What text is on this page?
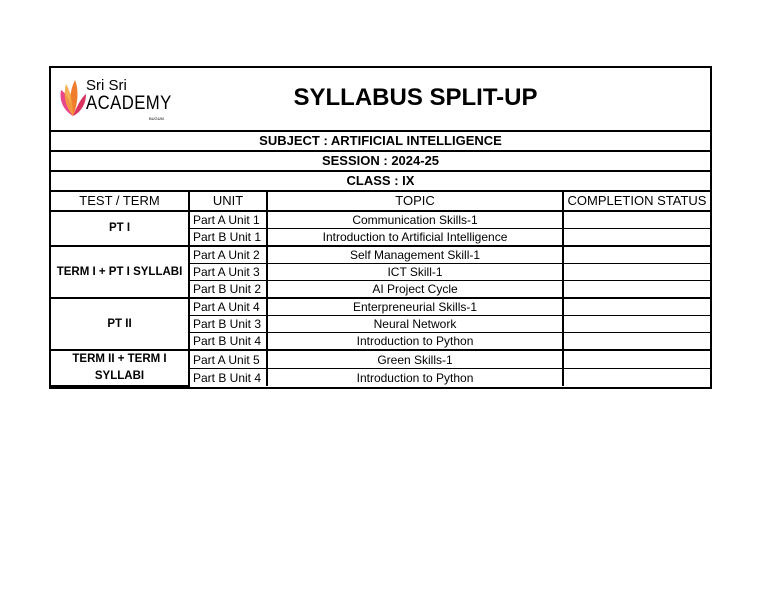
Sri Sri
ACADEMY
BUGUM
SYLLABUS SPLIT-UP
SUBJECT : ARTIFICIAL INTELLIGENCE
SESSION : 2024-25
CLASS : IX
TEST / TERM	UNIT	TOPIC	COMPLETION STATUS
PT I	Part A Unit 1	Communication Skills-1	
	Part B Unit 1	Introduction to Artificial Intelligence	
TERM I + PT I SYLLABI	Part A Unit 2	Self Management Skill-1	
	Part A Unit 3	ICT Skill-1	
	Part B Unit 2	AI Project Cycle	
PT II	Part A Unit 4	Enterpreneurial Skills-1	
	Part B Unit 3	Neural Network	
	Part B Unit 4	Introduction to Python	
TERM II + TERM I SYLLABI	Part A Unit 5	Green Skills-1	
	Part B Unit 4	Introduction to Python	
